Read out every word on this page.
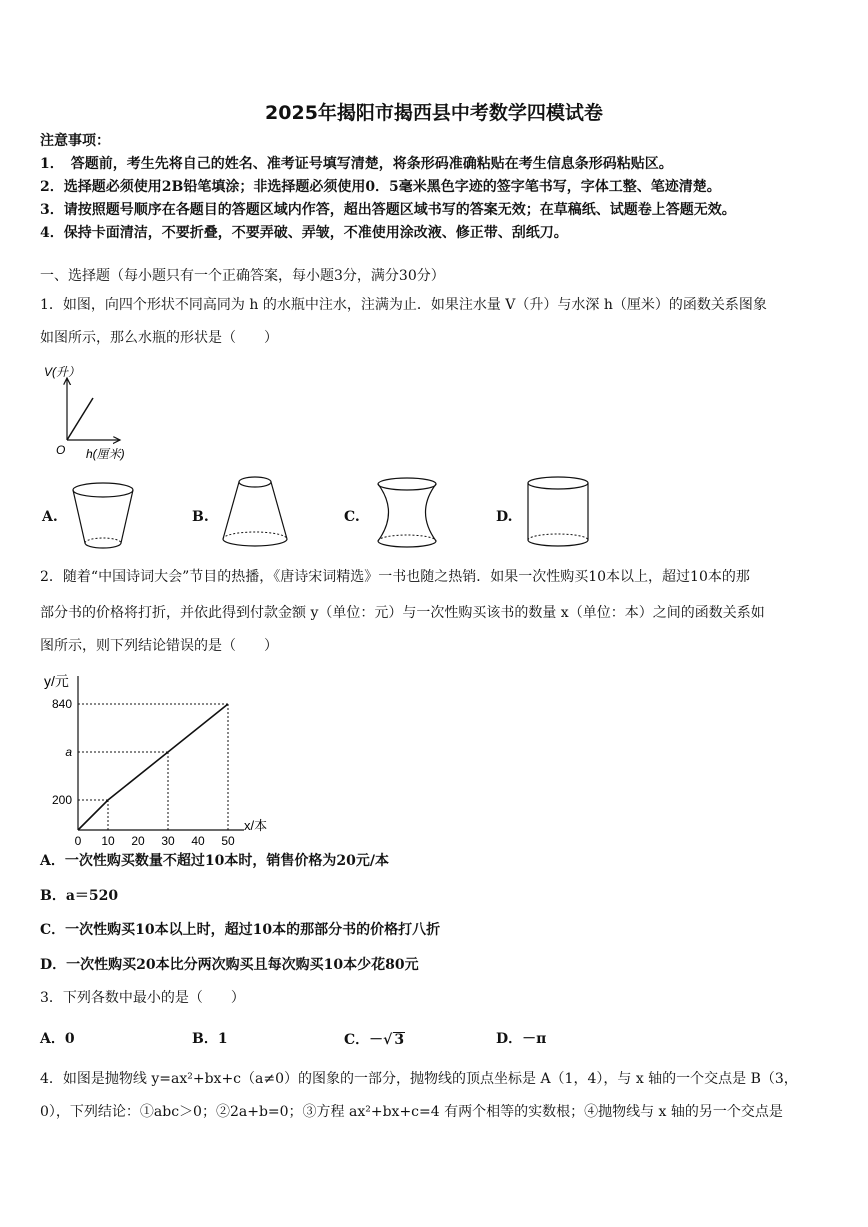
2025年揭阳市揭西县中考数学四模试卷
注意事项：
1．　答题前，考生先将自己的姓名、准考证号填写清楚，将条形码准确粘贴在考生信息条形码粘贴区。
2．选择题必须使用2B铅笔填涂；非选择题必须使用0．5毫米黑色字迹的签字笔书写，字体工整、笔迹清楚。
3．请按照题号顺序在各题目的答题区域内作答，超出答题区域书写的答案无效；在草稿纸、试题卷上答题无效。
4．保持卡面清洁，不要折叠，不要弄破、弄皱，不准使用涂改液、修正带、刮纸刀。
一、选择题（每小题只有一个正确答案，每小题3分，满分30分）
1．如图，向四个形状不同高同为 h 的水瓶中注水，注满为止．如果注水量 V（升）与水深 h（厘米）的函数关系图象
如图所示，那么水瓶的形状是（　　）
V(升）
O h(厘米)
A.	B.	C.	D.
2．随着“中国诗词大会”节目的热播，《唐诗宋词精选》一书也随之热销．如果一次性购买10本以上，超过10本的那
部分书的价格将打折，并依此得到付款金额 y（单位：元）与一次性购买该书的数量 x（单位：本）之间的函数关系如
图所示，则下列结论错误的是（　　）
0 10 20 30 40 50
200
a
840
y/元
x/本
A．一次性购买数量不超过10本时，销售价格为20元/本
B．a＝520
C．一次性购买10本以上时，超过10本的那部分书的价格打八折
D．一次性购买20本比分两次购买且每次购买10本少花80元
3．下列各数中最小的是（　　）
A．0	B．1	C．－√ 3	D．－π
4．如图是抛物线 y=ax²+bx+c（a≠0）的图象的一部分，抛物线的顶点坐标是 A（1，4），与 x 轴的一个交点是 B（3，
0），下列结论：①abc＞0；②2a+b=0；③方程 ax²+bx+c=4 有两个相等的实数根；④抛物线与 x 轴的另一个交点是
